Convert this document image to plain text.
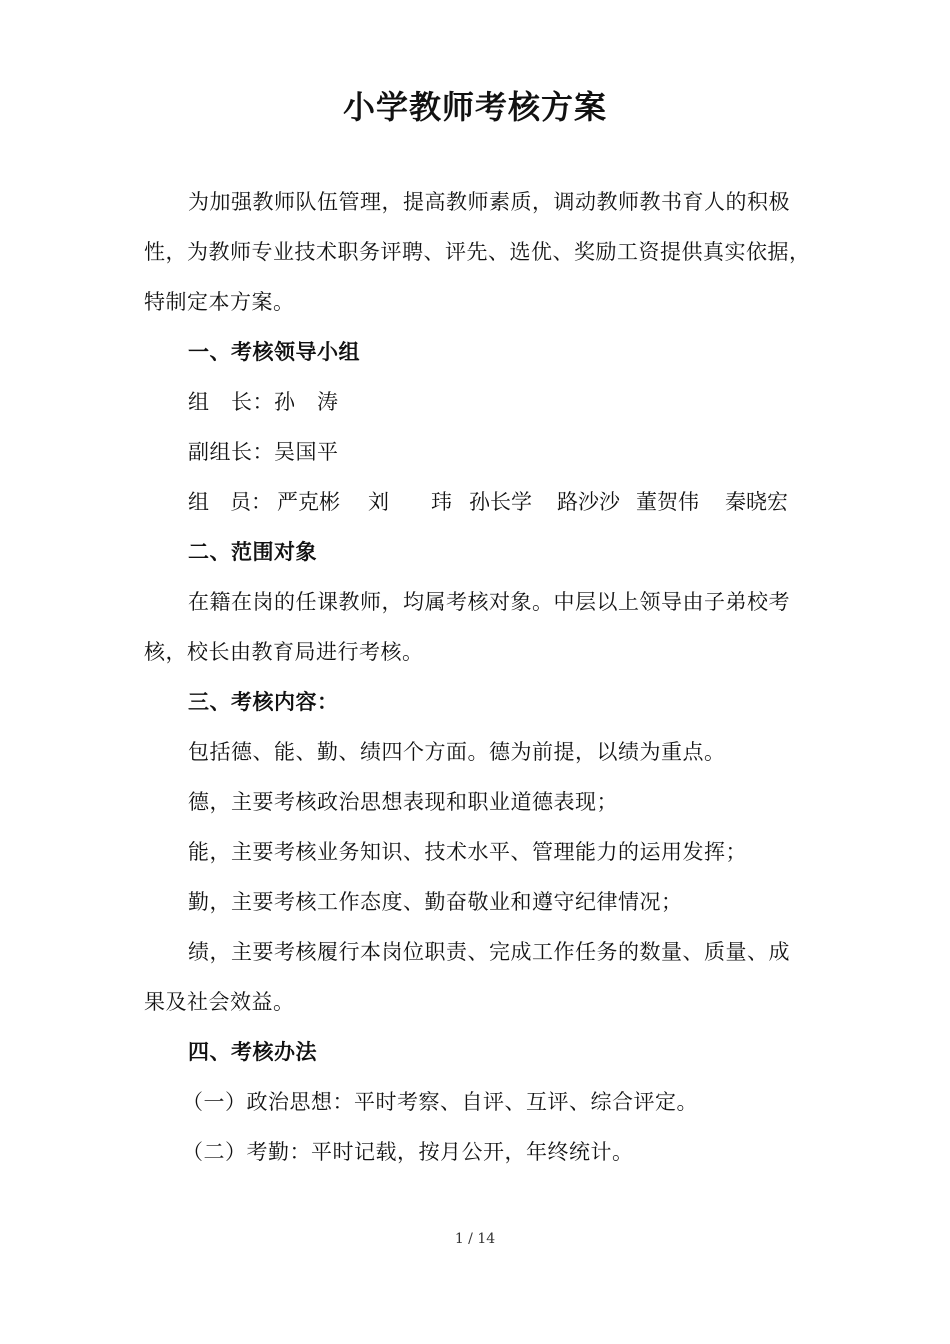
小学教师考核方案
为加强教师队伍管理，提高教师素质，调动教师教书育人的积极
性，为教师专业技术职务评聘、评先、选优、奖励工资提供真实依据，
特制定本方案。
一、考核领导小组
组　长：孙　涛
副组长：吴国平
组　员： 严克彬 刘　　玮 孙长学 路沙沙 董贺伟 秦晓宏
二、范围对象
在籍在岗的任课教师，均属考核对象。中层以上领导由子弟校考
核，校长由教育局进行考核。
三、考核内容：
包括德、能、勤、绩四个方面。德为前提，以绩为重点。
德，主要考核政治思想表现和职业道德表现；
能，主要考核业务知识、技术水平、管理能力的运用发挥；
勤，主要考核工作态度、勤奋敬业和遵守纪律情况；
绩，主要考核履行本岗位职责、完成工作任务的数量、质量、成
果及社会效益。
四、考核办法
（一）政治思想：平时考察、自评、互评、综合评定。
（二）考勤：平时记载，按月公开，年终统计。
1 / 14
